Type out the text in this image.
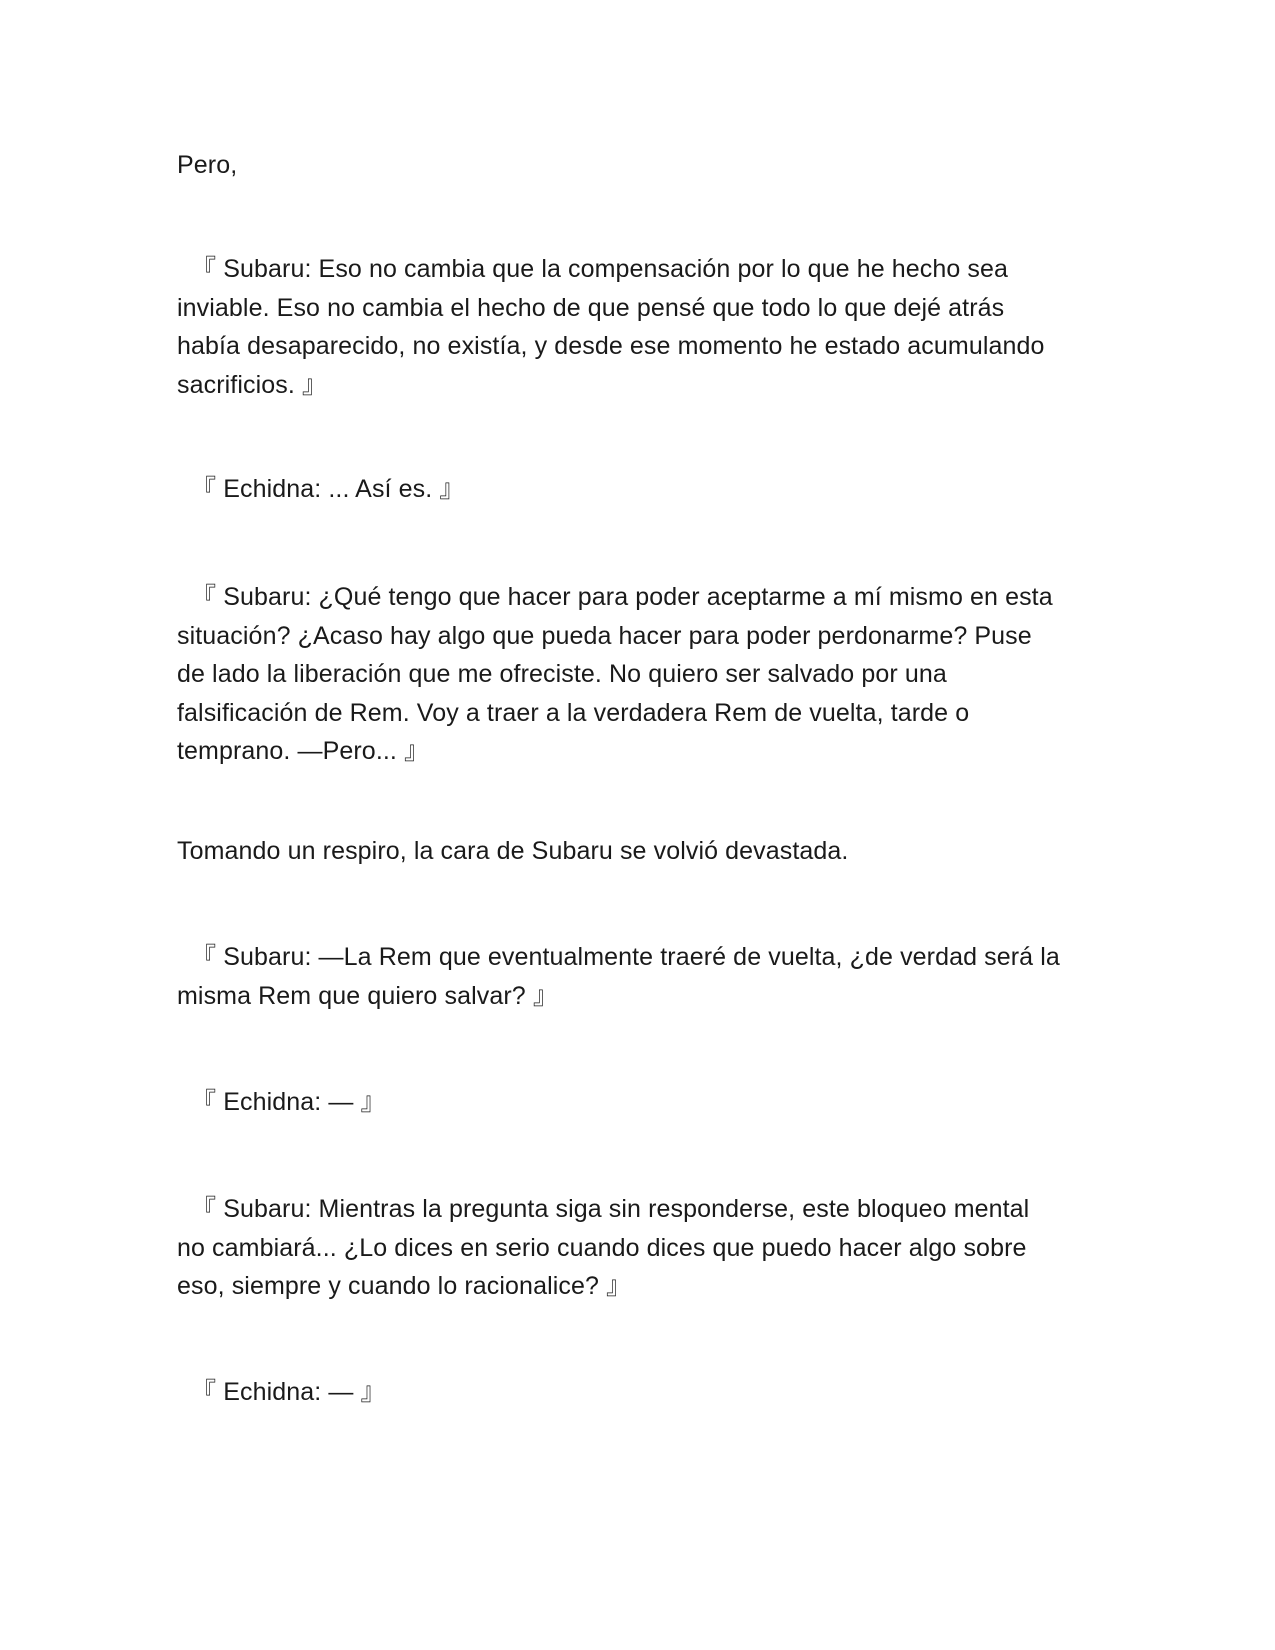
Pero,

『 Subaru: Eso no cambia que la compensación por lo que he hecho sea
inviable. Eso no cambia el hecho de que pensé que todo lo que dejé atrás
había desaparecido, no existía, y desde ese momento he estado acumulando
sacrificios. 』

『 Echidna: ... Así es. 』

『 Subaru: ¿Qué tengo que hacer para poder aceptarme a mí mismo en esta
situación? ¿Acaso hay algo que pueda hacer para poder perdonarme? Puse
de lado la liberación que me ofreciste. No quiero ser salvado por una
falsificación de Rem. Voy a traer a la verdadera Rem de vuelta, tarde o
temprano. —Pero... 』

Tomando un respiro, la cara de Subaru se volvió devastada.

『 Subaru: —La Rem que eventualmente traeré de vuelta, ¿de verdad será la
misma Rem que quiero salvar? 』

『 Echidna: — 』

『 Subaru: Mientras la pregunta siga sin responderse, este bloqueo mental
no cambiará... ¿Lo dices en serio cuando dices que puedo hacer algo sobre
eso, siempre y cuando lo racionalice? 』

『 Echidna: — 』
